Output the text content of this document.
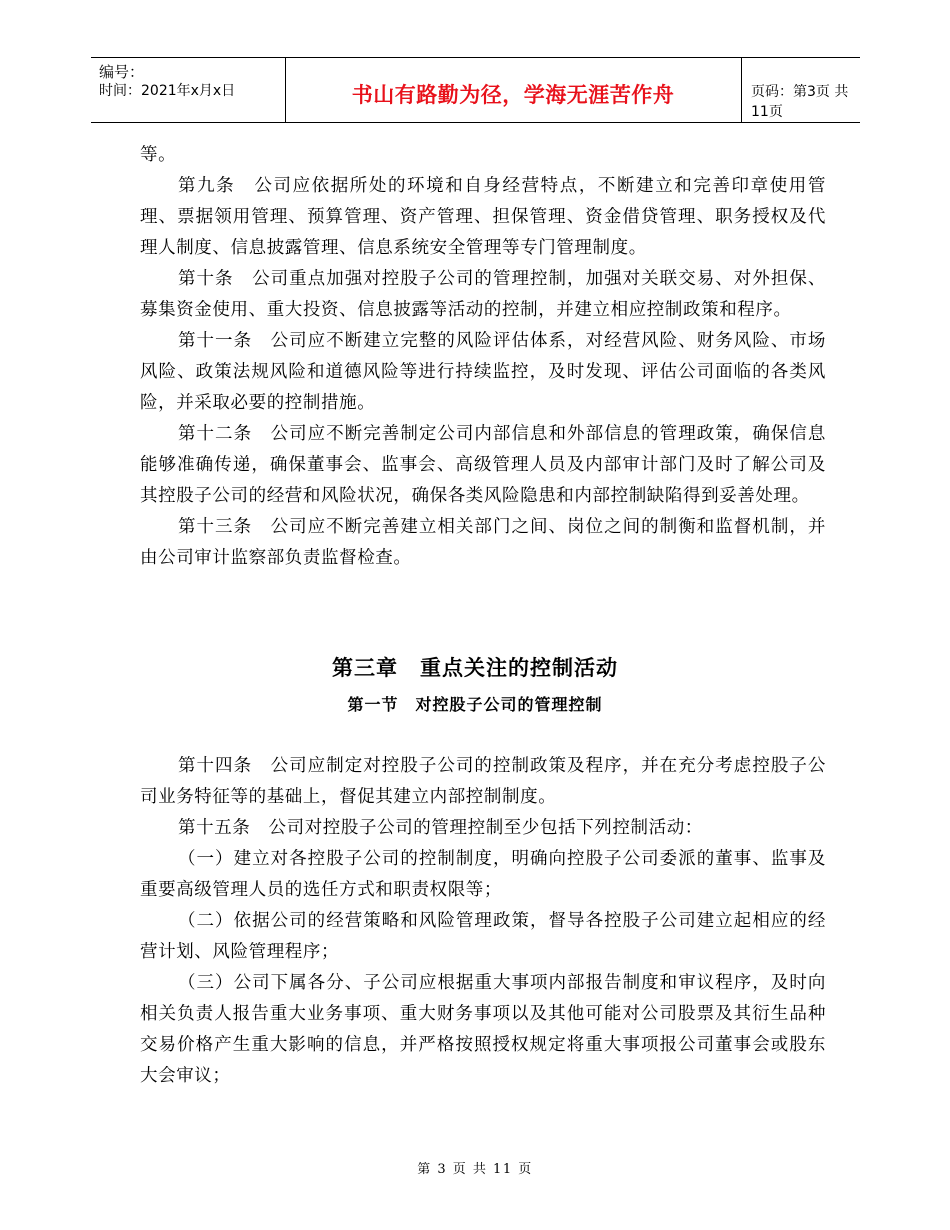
编号：
时间：2021年x月x日	书山有路勤为径，学海无涯苦作舟	页码：第3页 共11页

等。

第九条　公司应依据所处的环境和自身经营特点，不断建立和完善印章使用管理、票据领用管理、预算管理、资产管理、担保管理、资金借贷管理、职务授权及代理人制度、信息披露管理、信息系统安全管理等专门管理制度。

第十条　公司重点加强对控股子公司的管理控制，加强对关联交易、对外担保、募集资金使用、重大投资、信息披露等活动的控制，并建立相应控制政策和程序。

第十一条　公司应不断建立完整的风险评估体系，对经营风险、财务风险、市场风险、政策法规风险和道德风险等进行持续监控，及时发现、评估公司面临的各类风险，并采取必要的控制措施。

第十二条　公司应不断完善制定公司内部信息和外部信息的管理政策，确保信息能够准确传递，确保董事会、监事会、高级管理人员及内部审计部门及时了解公司及其控股子公司的经营和风险状况，确保各类风险隐患和内部控制缺陷得到妥善处理。

第十三条　公司应不断完善建立相关部门之间、岗位之间的制衡和监督机制，并由公司审计监察部负责监督检查。

第三章　重点关注的控制活动
第一节　对控股子公司的管理控制

第十四条　公司应制定对控股子公司的控制政策及程序，并在充分考虑控股子公司业务特征等的基础上，督促其建立内部控制制度。

第十五条　公司对控股子公司的管理控制至少包括下列控制活动：

（一）建立对各控股子公司的控制制度，明确向控股子公司委派的董事、监事及重要高级管理人员的选任方式和职责权限等；

（二）依据公司的经营策略和风险管理政策，督导各控股子公司建立起相应的经营计划、风险管理程序；

（三）公司下属各分、子公司应根据重大事项内部报告制度和审议程序，及时向相关负责人报告重大业务事项、重大财务事项以及其他可能对公司股票及其衍生品种交易价格产生重大影响的信息，并严格按照授权规定将重大事项报公司董事会或股东大会审议；

第 3 页 共 11 页
